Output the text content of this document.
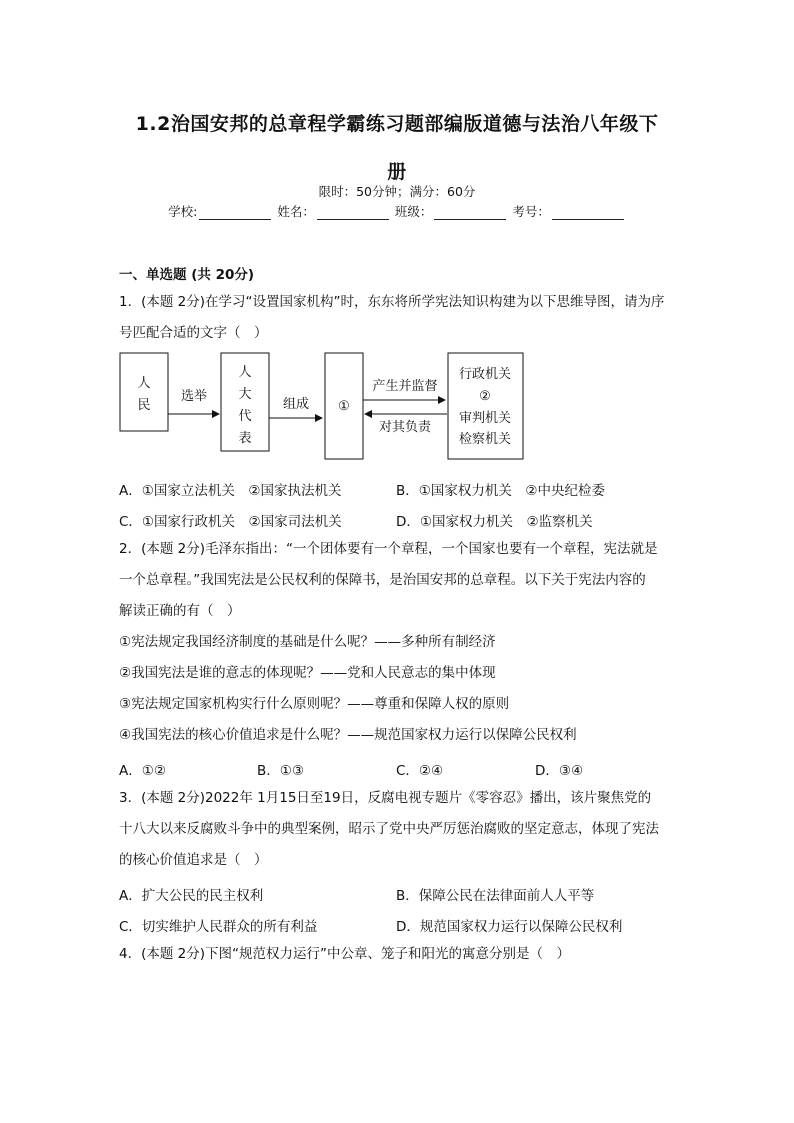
1.2治国安邦的总章程学霸练习题部编版道德与法治八年级下
册
限时：50分钟；满分：60分
学校:	姓名：	班级：	考号：
一、单选题 (共 20分)
1．(本题 2分)在学习“设置国家机构”时，东东将所学宪法知识构建为以下思维导图，请为序
号匹配合适的文字（　）
人
民
选举
人
大
代
表
组成 ①
产生并监督
对其负责
行政机关
②
审判机关
检察机关
A．①国家立法机关　②国家执法机关	B．①国家权力机关　②中央纪检委
C．①国家行政机关　②国家司法机关	D．①国家权力机关　②监察机关
2．(本题 2分)毛泽东指出：“一个团体要有一个章程，一个国家也要有一个章程，宪法就是
一个总章程。”我国宪法是公民权利的保障书，是治国安邦的总章程。以下关于宪法内容的
解读正确的有（　）
①宪法规定我国经济制度的基础是什么呢？——多种所有制经济
②我国宪法是谁的意志的体现呢？——党和人民意志的集中体现
③宪法规定国家机构实行什么原则呢？——尊重和保障人权的原则
④我国宪法的核心价值追求是什么呢？——规范国家权力运行以保障公民权利
A．①②	B．①③	C．②④	D．③④
3．(本题 2分)2022年 1月15日至19日，反腐电视专题片《零容忍》播出，该片聚焦党的
十八大以来反腐败斗争中的典型案例，昭示了党中央严厉惩治腐败的坚定意志，体现了宪法
的核心价值追求是（　）
A．扩大公民的民主权利	B．保障公民在法律面前人人平等
C．切实维护人民群众的所有利益	D．规范国家权力运行以保障公民权利
4．(本题 2分)下图“规范权力运行”中公章、笼子和阳光的寓意分别是（　）
